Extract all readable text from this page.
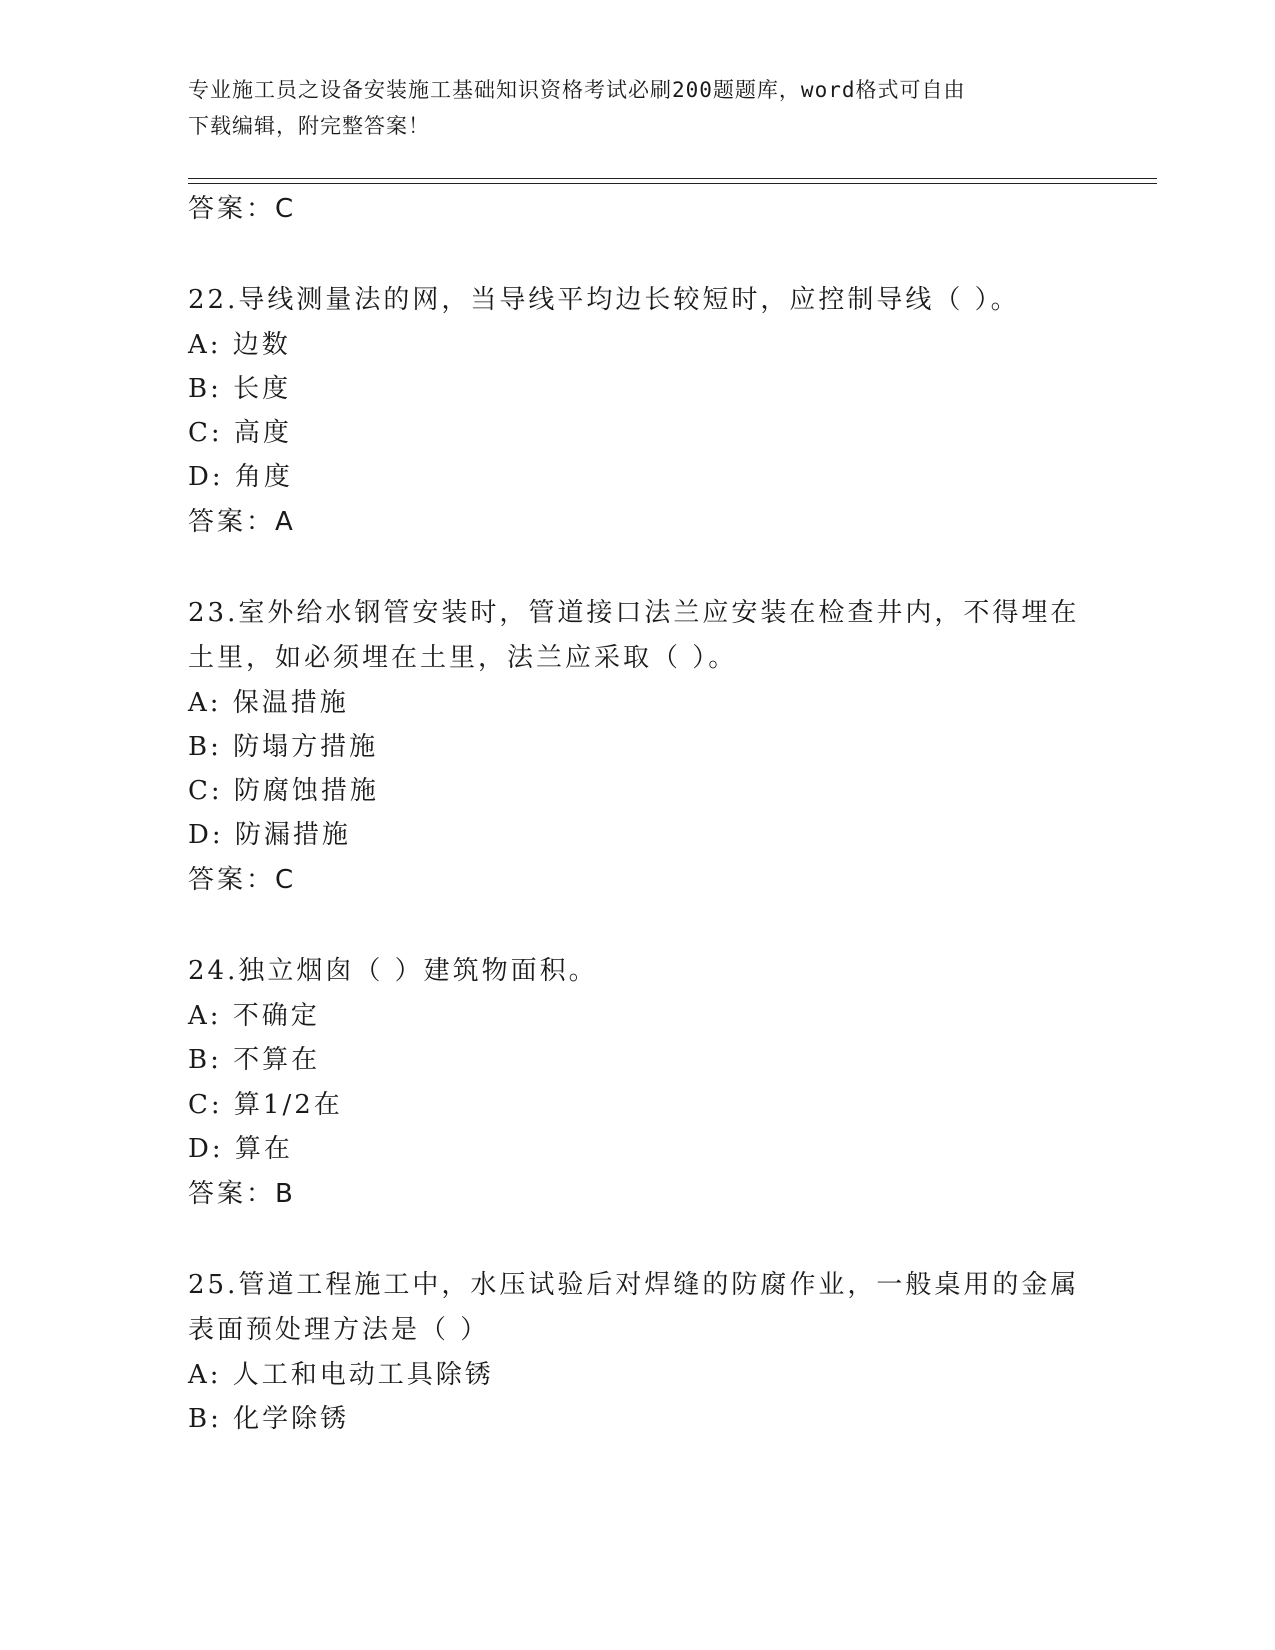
专业施工员之设备安装施工基础知识资格考试必刷200题题库，word格式可自由
下载编辑，附完整答案！
答案：C
22.导线测量法的网，当导线平均边长较短时，应控制导线（ ）。
A: 边数
B: 长度
C: 高度
D: 角度
答案：A
23.室外给水钢管安装时，管道接口法兰应安装在检查井内，不得埋在
土里，如必须埋在土里，法兰应采取（ ）。
A: 保温措施
B: 防塌方措施
C: 防腐蚀措施
D: 防漏措施
答案：C
24.独立烟囱（ ）建筑物面积。
A: 不确定
B: 不算在
C: 算1/2在
D: 算在
答案：B
25.管道工程施工中，水压试验后对焊缝的防腐作业，一般桌用的金属
表面预处理方法是（ ）
A: 人工和电动工具除锈
B: 化学除锈
